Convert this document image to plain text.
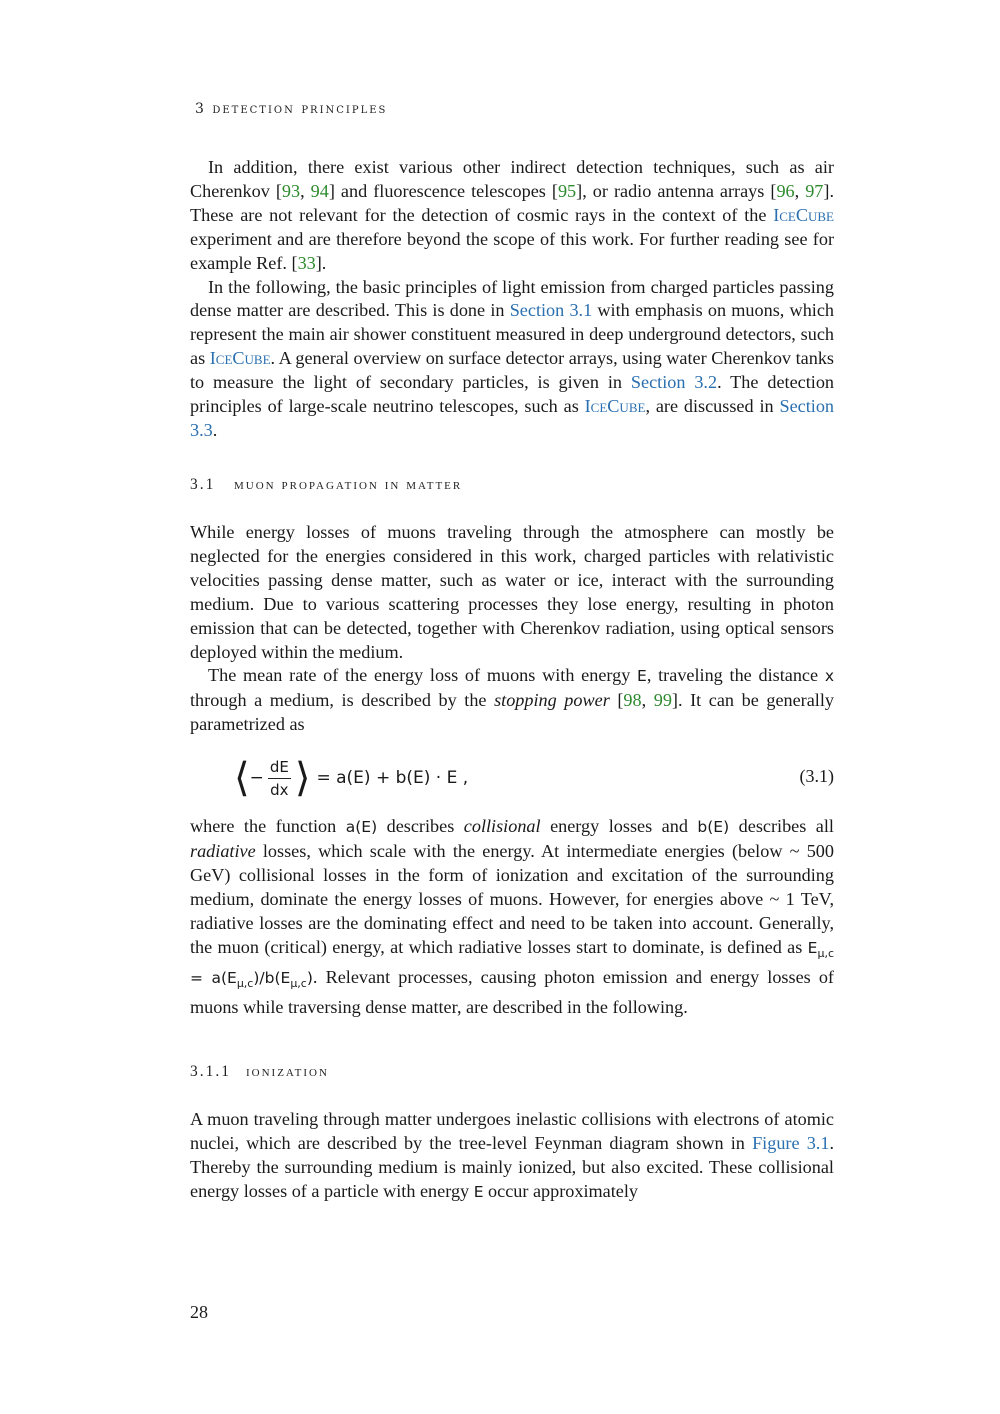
3 detection principles

In addition, there exist various other indirect detection techniques, such as air Cherenkov [93, 94] and fluorescence telescopes [95], or radio antenna arrays [96, 97]. These are not relevant for the detection of cosmic rays in the context of the IceCube experiment and are therefore beyond the scope of this work. For further reading see for example Ref. [33].

In the following, the basic principles of light emission from charged particles passing dense matter are described. This is done in Section 3.1 with emphasis on muons, which represent the main air shower constituent measured in deep underground detectors, such as IceCube. A general overview on surface detector arrays, using water Cherenkov tanks to measure the light of secondary particles, is given in Section 3.2. The detection principles of large-scale neutrino telescopes, such as IceCube, are discussed in Section 3.3.

3.1 muon propagation in matter

While energy losses of muons traveling through the atmosphere can mostly be neglected for the energies considered in this work, charged particles with relativistic velocities passing dense matter, such as water or ice, interact with the surrounding medium. Due to various scattering processes they lose energy, resulting in photon emission that can be detected, together with Cherenkov radiation, using optical sensors deployed within the medium.

The mean rate of the energy loss of muons with energy E, traveling the distance x through a medium, is described by the stopping power [98, 99]. It can be generally parametrized as

⟨ − $\frac{dE}{dx}$ ⟩ = a(E) + b(E) · E ,	(3.1)

where the function a(E) describes collisional energy losses and b(E) describes all radiative losses, which scale with the energy. At intermediate energies (below ~ 500 GeV) collisional losses in the form of ionization and excitation of the surrounding medium, dominate the energy losses of muons. However, for energies above ~ 1 TeV, radiative losses are the dominating effect and need to be taken into account. Generally, the muon (critical) energy, at which radiative losses start to dominate, is defined as $E_{\mu,c} = a(E_{\mu,c})/b(E_{\mu,c})$. Relevant processes, causing photon emission and energy losses of muons while traversing dense matter, are described in the following.

3.1.1 ionization

A muon traveling through matter undergoes inelastic collisions with electrons of atomic nuclei, which are described by the tree-level Feynman diagram shown in Figure 3.1. Thereby the surrounding medium is mainly ionized, but also excited. These collisional energy losses of a particle with energy E occur approximately

28
